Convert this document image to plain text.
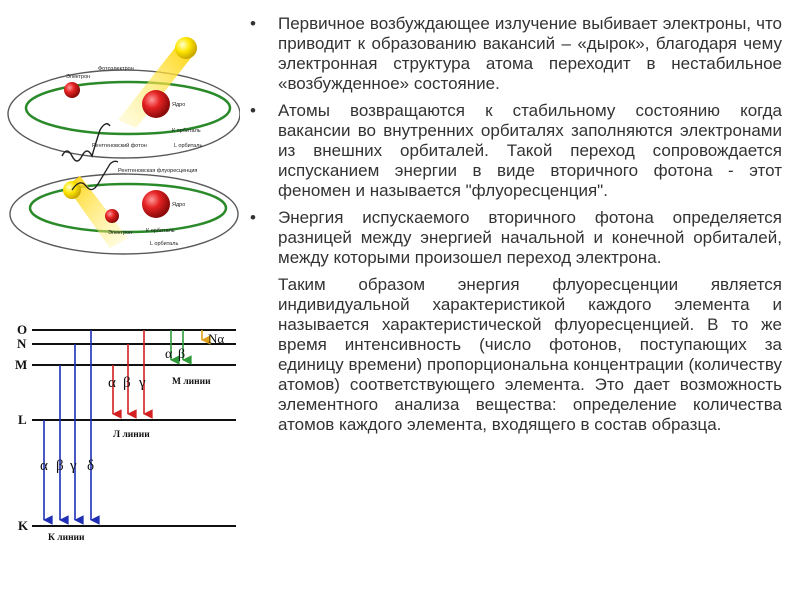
Фотоэлектрон
Электрон
Ядро
К орбиталь
Рентгеновский фотон	L орбиталь
Рентгеновская флуоресценция
Ядро
Электрон	К орбиталь
L орбиталь
O
N
M
L
K
α β γ δ
К линии
α β γ
Л линии
α β
М линии
Nα
• Первичное возбуждающее излучение выбивает электроны, что приводит к образованию вакансий – «дырок», благодаря чему электронная структура атома переходит в нестабильное «возбужденное» состояние.
• Атомы возвращаются к стабильному состоянию когда вакансии во внутренних орбиталях заполняются электронами из внешних орбиталей. Такой переход сопровождается испусканием энергии в виде вторичного фотона - этот феномен и называется "флуоресценция".
• Энергия испускаемого вторичного фотона определяется разницей между энергией начальной и конечной орбиталей, между которыми произошел переход электрона.

Таким образом энергия флуоресценции является индивидуальной характеристикой каждого элемента и называется характеристической флуоресценцией. В то же время интенсивность (число фотонов, поступающих за единицу времени) пропорциональна концентрации (количеству атомов) соответствующего элемента. Это дает возможность элементного анализа вещества: определение количества атомов каждого элемента, входящего в состав образца.
